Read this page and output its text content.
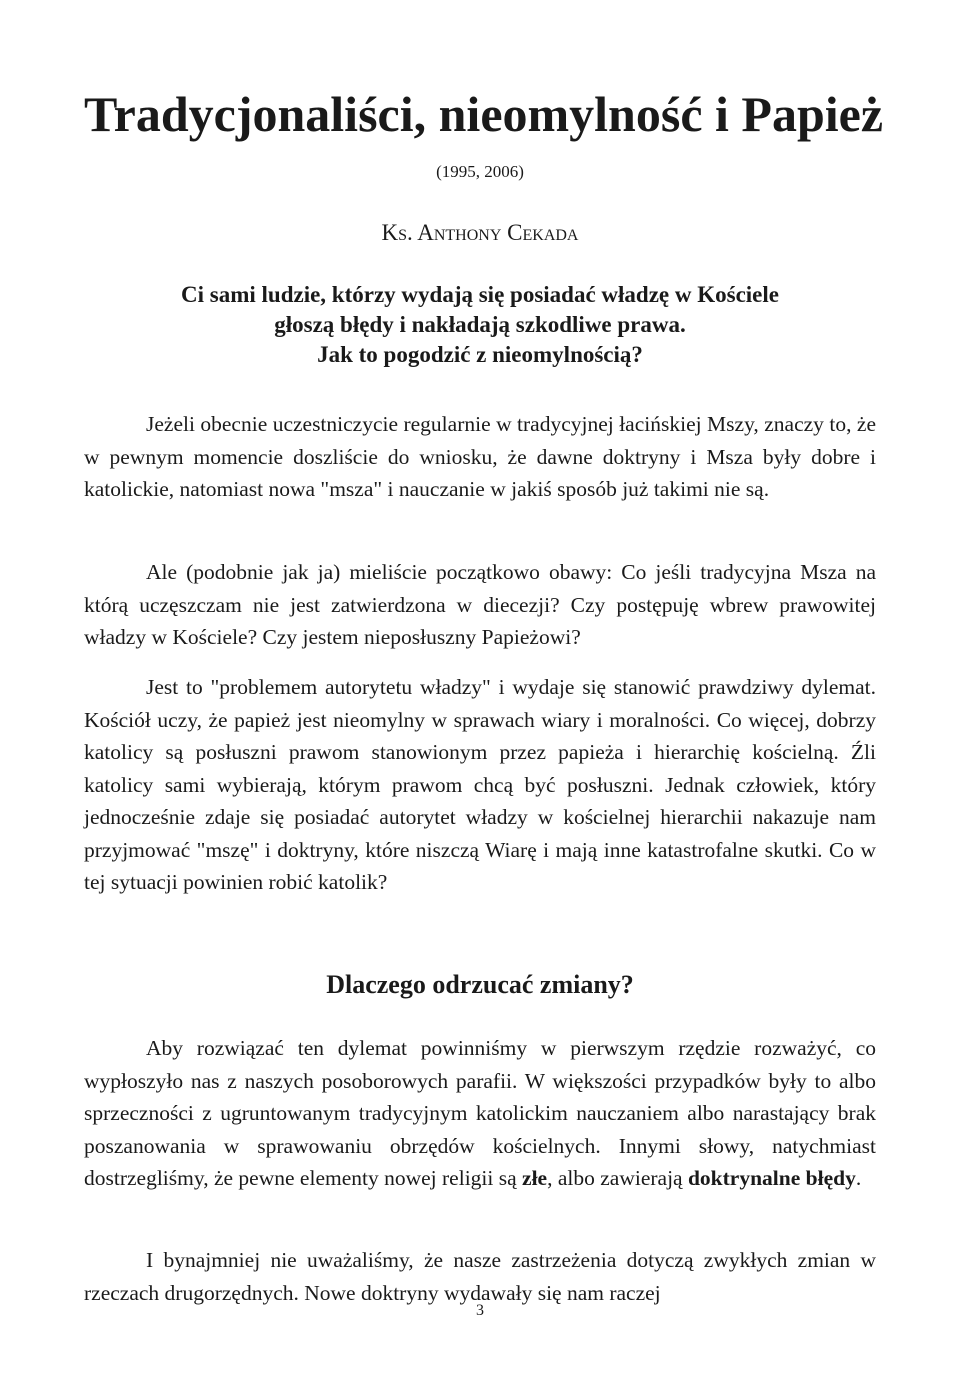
Tradycjonaliści, nieomylność i Papież
(1995, 2006)
Ks. Anthony Cekada
Ci sami ludzie, którzy wydają się posiadać władzę w Kościele
głoszą błędy i nakładają szkodliwe prawa.
Jak to pogodzić z nieomylnością?

Jeżeli obecnie uczestniczycie regularnie w tradycyjnej łacińskiej Mszy, znaczy to, że w pewnym momencie doszliście do wniosku, że dawne doktryny i Msza były dobre i katolickie, natomiast nowa "msza" i nauczanie w jakiś sposób już takimi nie są.

Ale (podobnie jak ja) mieliście początkowo obawy: Co jeśli tradycyjna Msza na którą uczęszczam nie jest zatwierdzona w diecezji? Czy postępuję wbrew prawowitej władzy w Kościele? Czy jestem nieposłuszny Papieżowi?

Jest to "problemem autorytetu władzy" i wydaje się stanowić prawdziwy dylemat. Kościół uczy, że papież jest nieomylny w sprawach wiary i moralności. Co więcej, dobrzy katolicy są posłuszni prawom stanowionym przez papieża i hierarchię kościelną. Źli katolicy sami wybierają, którym prawom chcą być posłuszni. Jednak człowiek, który jednocześnie zdaje się posiadać autorytet władzy w kościelnej hierarchii nakazuje nam przyjmować "mszę" i doktryny, które niszczą Wiarę i mają inne katastrofalne skutki. Co w tej sytuacji powinien robić katolik?

Dlaczego odrzucać zmiany?

Aby rozwiązać ten dylemat powinniśmy w pierwszym rzędzie rozważyć, co wypłoszyło nas z naszych posoborowych parafii. W większości przypadków były to albo sprzeczności z ugruntowanym tradycyjnym katolickim nauczaniem albo narastający brak poszanowania w sprawowaniu obrzędów kościelnych. Innymi słowy, natychmiast dostrzegliśmy, że pewne elementy nowej religii są złe, albo zawierają doktrynalne błędy.

I bynajmniej nie uważaliśmy, że nasze zastrzeżenia dotyczą zwykłych zmian w rzeczach drugorzędnych. Nowe doktryny wydawały się nam raczej

3
